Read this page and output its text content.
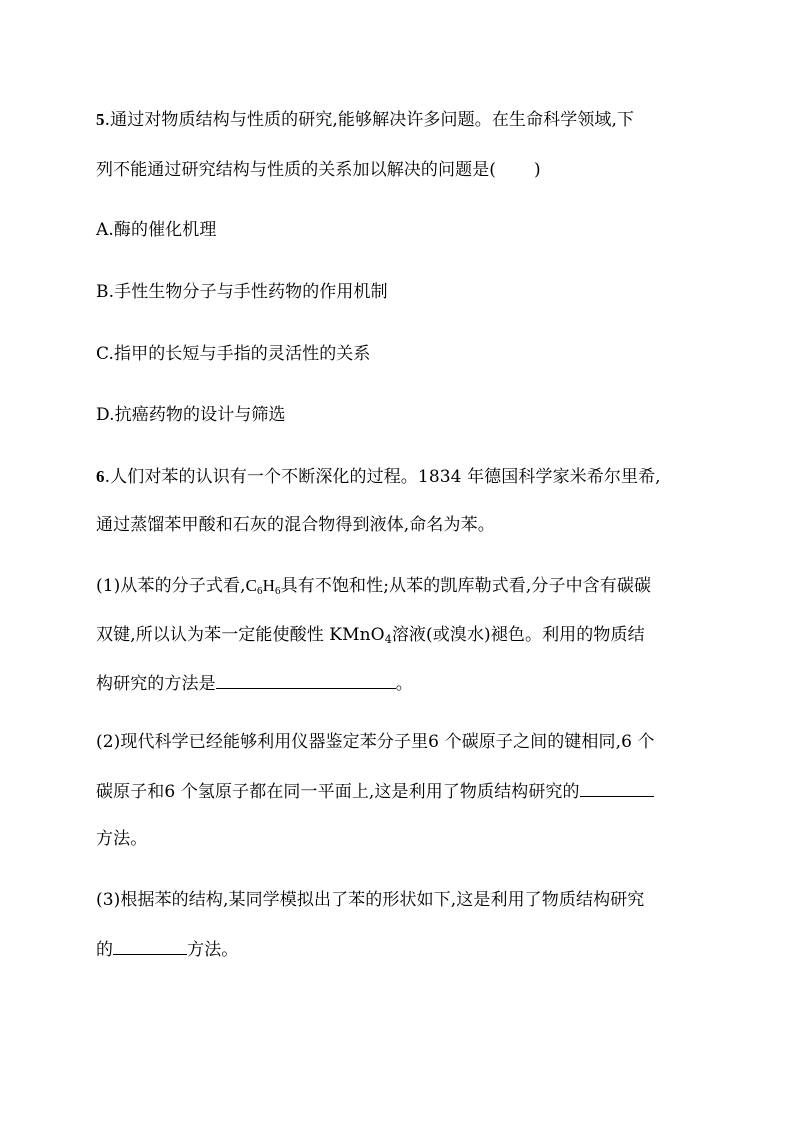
5.通过对物质结构与性质的研究,能够解决许多问题。在生命科学领域,下
列不能通过研究结构与性质的关系加以解决的问题是( )
A.酶的催化机理
B.手性生物分子与手性药物的作用机制
C.指甲的长短与手指的灵活性的关系
D.抗癌药物的设计与筛选
6.人们对苯的认识有一个不断深化的过程。1834 年德国科学家米希尔里希,
通过蒸馏苯甲酸和石灰的混合物得到液体,命名为苯。
(1)从苯的分子式看$,C_6H_6$具有不饱和性;从苯的凯库勒式看,分子中含有碳碳
双键,所以认为苯一定能使酸性 KMnO$_4$溶液(或溴水)褪色。利用的物质结
构研究的方法是	。
(2)现代科学已经能够利用仪器鉴定苯分子里6 个碳原子之间的键相同,6 个
碳原子和6 个氢原子都在同一平面上,这是利用了物质结构研究的
方法。
(3)根据苯的结构,某同学模拟出了苯的形状如下,这是利用了物质结构研究
的	方法。
